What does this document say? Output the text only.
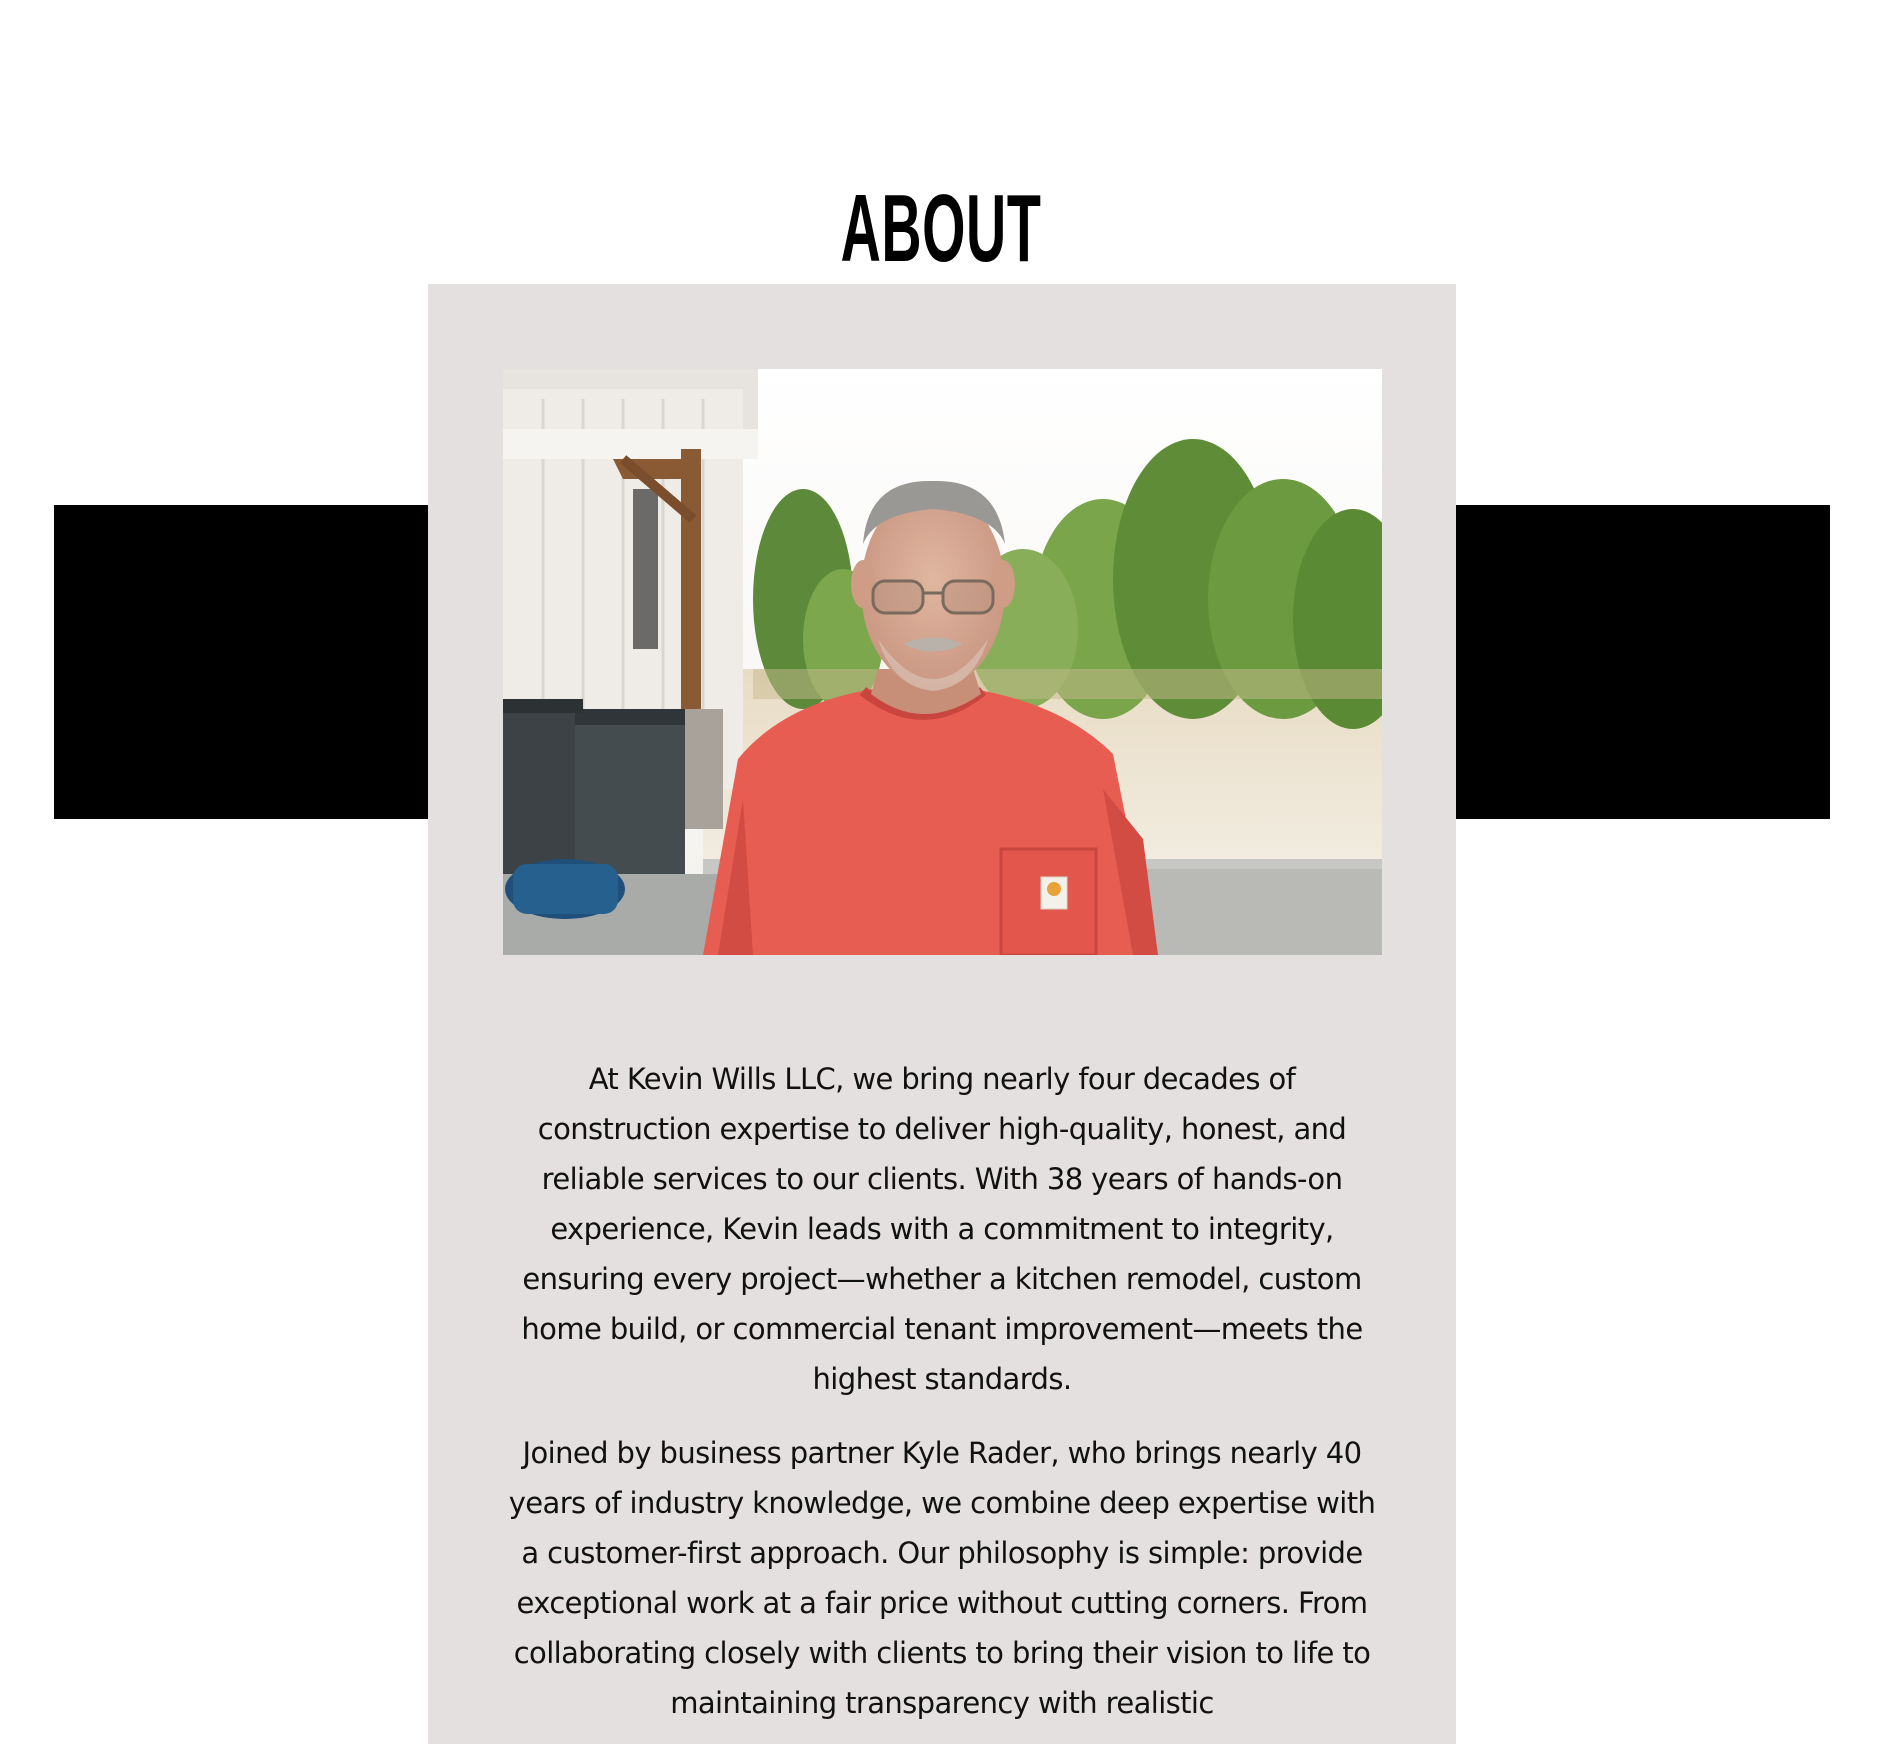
ABOUT

At Kevin Wills LLC, we bring nearly four decades of construction expertise to deliver high-quality, honest, and reliable services to our clients. With 38 years of hands-on experience, Kevin leads with a commitment to integrity, ensuring every project—whether a kitchen remodel, custom home build, or commercial tenant improvement—meets the highest standards.

Joined by business partner Kyle Rader, who brings nearly 40 years of industry knowledge, we combine deep expertise with a customer-first approach. Our philosophy is simple: provide exceptional work at a fair price without cutting corners. From collaborating closely with clients to bring their vision to life to maintaining transparency with realistic
